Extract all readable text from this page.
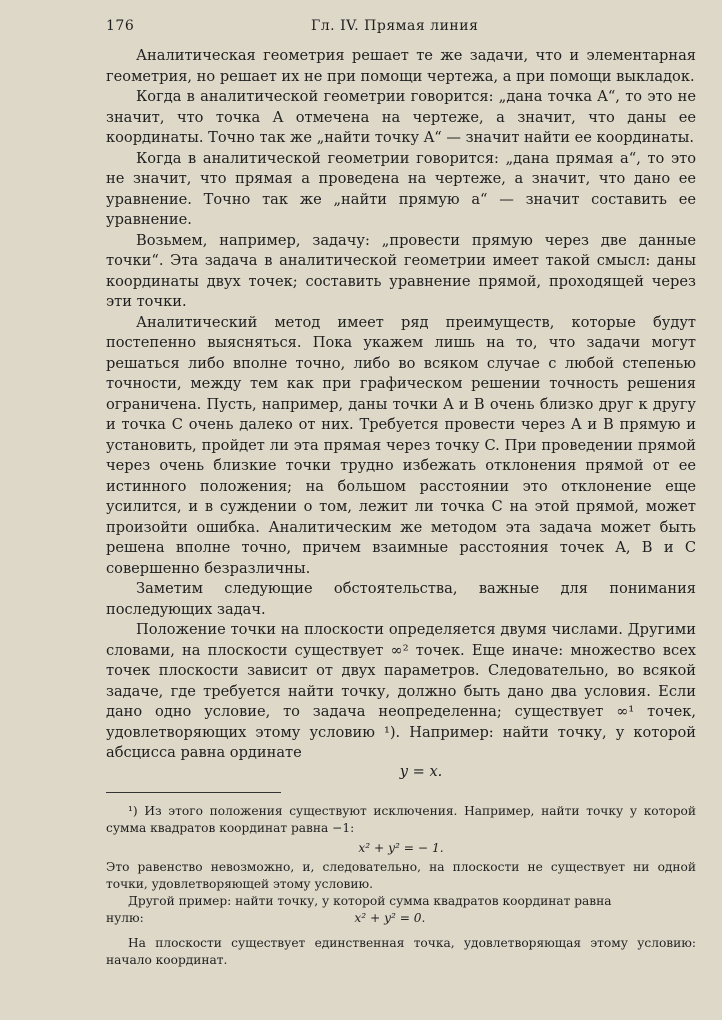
176	Гл. IV. Прямая линия

Аналитическая геометрия решает те же задачи, что и элементарная геометрия, но решает их не при помощи чертежа, а при помощи выкладок.

Когда в аналитической геометрии говорится: „дана точка A“, то это не значит, что точка A отмечена на чертеже, а значит, что даны ее координаты. Точно так же „найти точку A“ — значит найти ее координаты.

Когда в аналитической геометрии говорится: „дана прямая a“, то это не значит, что прямая a проведена на чертеже, а значит, что дано ее уравнение. Точно так же „найти прямую a“ — значит составить ее уравнение.

Возьмем, например, задачу: „провести прямую через две данные точки“. Эта задача в аналитической геометрии имеет такой смысл: даны координаты двух точек; составить уравнение прямой, проходящей через эти точки.

Аналитический метод имеет ряд преимуществ, которые будут постепенно выясняться. Пока укажем лишь на то, что задачи могут решаться либо вполне точно, либо во всяком случае с любой степенью точности, между тем как при графическом решении точность решения ограничена. Пусть, например, даны точки A и B очень близко друг к другу и точка C очень далеко от них. Требуется провести через A и B прямую и установить, пройдет ли эта прямая через точку C. При проведении прямой через очень близкие точки трудно избежать отклонения прямой от ее истинного положения; на большом расстоянии это отклонение еще усилится, и в суждении о том, лежит ли точка C на этой прямой, может произойти ошибка. Аналитическим же методом эта задача может быть решена вполне точно, причем взаимные расстояния точек A, B и C совершенно безразличны.

Заметим следующие обстоятельства, важные для понимания последующих задач.

Положение точки на плоскости определяется двумя числами. Другими словами, на плоскости существует ∞² точек. Еще иначе: множество всех точек плоскости зависит от двух параметров. Следовательно, во всякой задаче, где требуется найти точку, должно быть дано два условия. Если дано одно условие, то задача неопределенна; существует ∞¹ точек, удовлетворяющих этому условию ¹). Например: найти точку, у которой абсцисса равна ординате

y = x.

¹) Из этого положения существуют исключения. Например, найти точку у которой сумма квадратов координат равна −1:

x² + y² = − 1.

Это равенство невозможно, и, следовательно, на плоскости не существует ни одной точки, удовлетворяющей этому условию.

Другой пример: найти точку, у которой сумма квадратов координат равна

нулю:	x² + y² = 0.

На плоскости существует единственная точка, удовлетворяющая этому условию: начало координат.
